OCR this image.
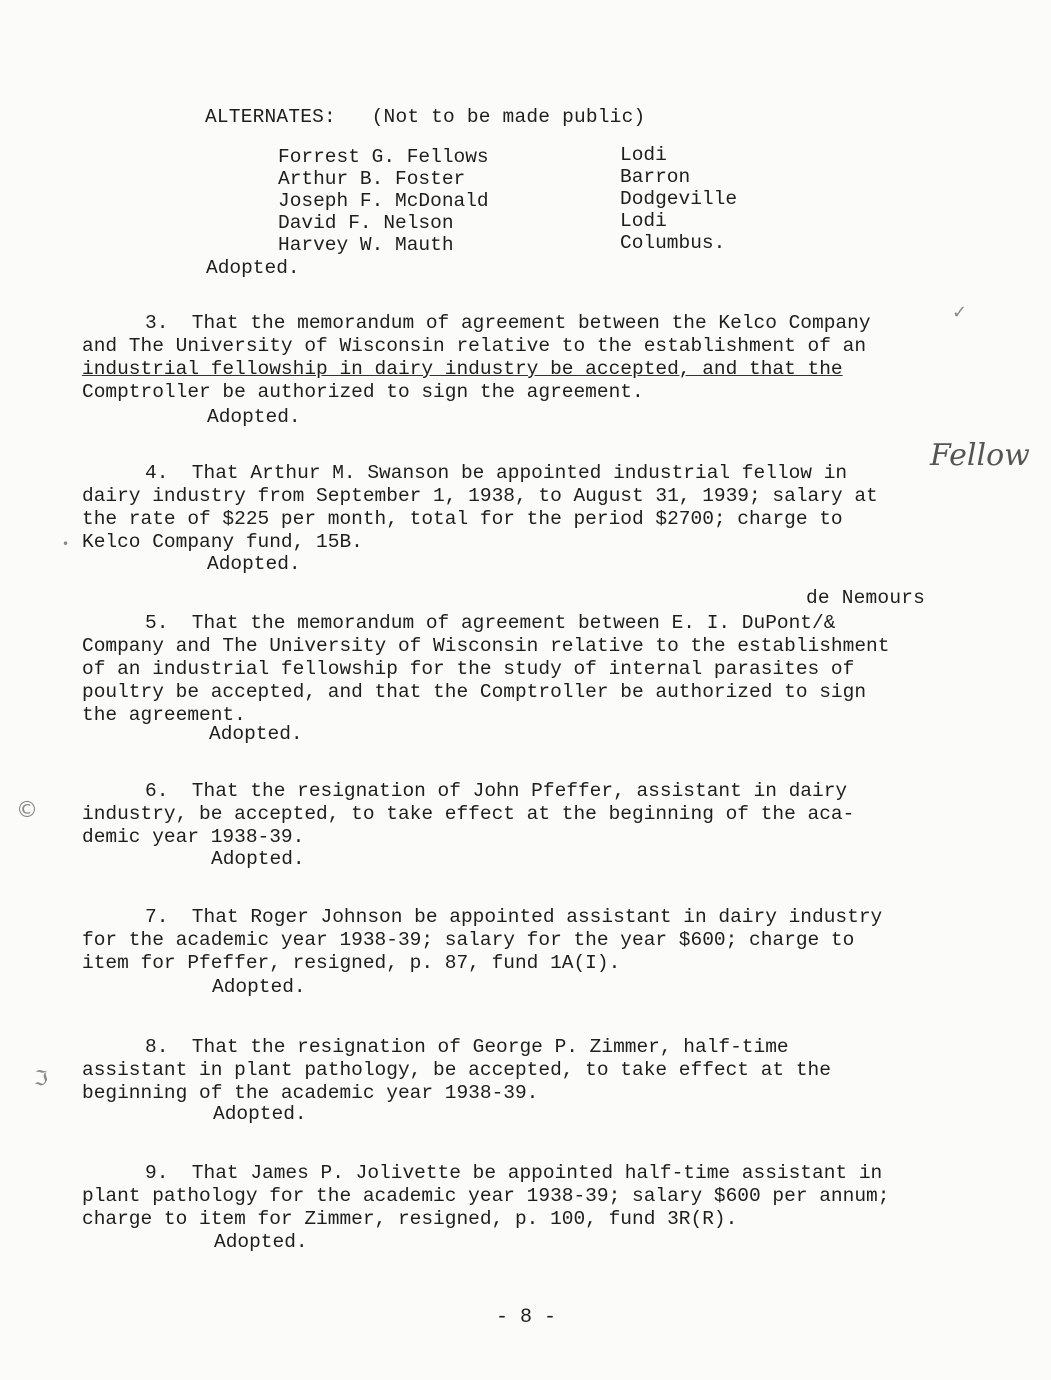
ALTERNATES: (Not to be made public)
Forrest G. Fellows
Arthur B. Foster
Joseph F. McDonald
David F. Nelson
Harvey W. Mauth
Lodi
Barron
Dodgeville
Lodi
Columbus.
Adopted.
3.  That the memorandum of agreement between the Kelco Company
and The University of Wisconsin relative to the establishment of an
industrial fellowship in dairy industry be accepted, and that the
Comptroller be authorized to sign the agreement.
Adopted.
✓
4.  That Arthur M. Swanson be appointed industrial fellow in
dairy industry from September 1, 1938, to August 31, 1939; salary at
the rate of $225 per month, total for the period $2700; charge to
Kelco Company fund, 15B.
Adopted.
Fellow
•
de Nemours
5.  That the memorandum of agreement between E. I. DuPont/&
Company and The University of Wisconsin relative to the establishment
of an industrial fellowship for the study of internal parasites of
poultry be accepted, and that the Comptroller be authorized to sign
the agreement.
Adopted.
6.  That the resignation of John Pfeffer, assistant in dairy
industry, be accepted, to take effect at the beginning of the aca-
demic year 1938-39.
Adopted.
©
7.  That Roger Johnson be appointed assistant in dairy industry
for the academic year 1938-39; salary for the year $600; charge to
item for Pfeffer, resigned, p. 87, fund 1A(I).
Adopted.
8.  That the resignation of George P. Zimmer, half-time
assistant in plant pathology, be accepted, to take effect at the
beginning of the academic year 1938-39.
Adopted.
ℑ
9.  That James P. Jolivette be appointed half-time assistant in
plant pathology for the academic year 1938-39; salary $600 per annum;
charge to item for Zimmer, resigned, p. 100, fund 3R(R).
Adopted.
- 8 -
